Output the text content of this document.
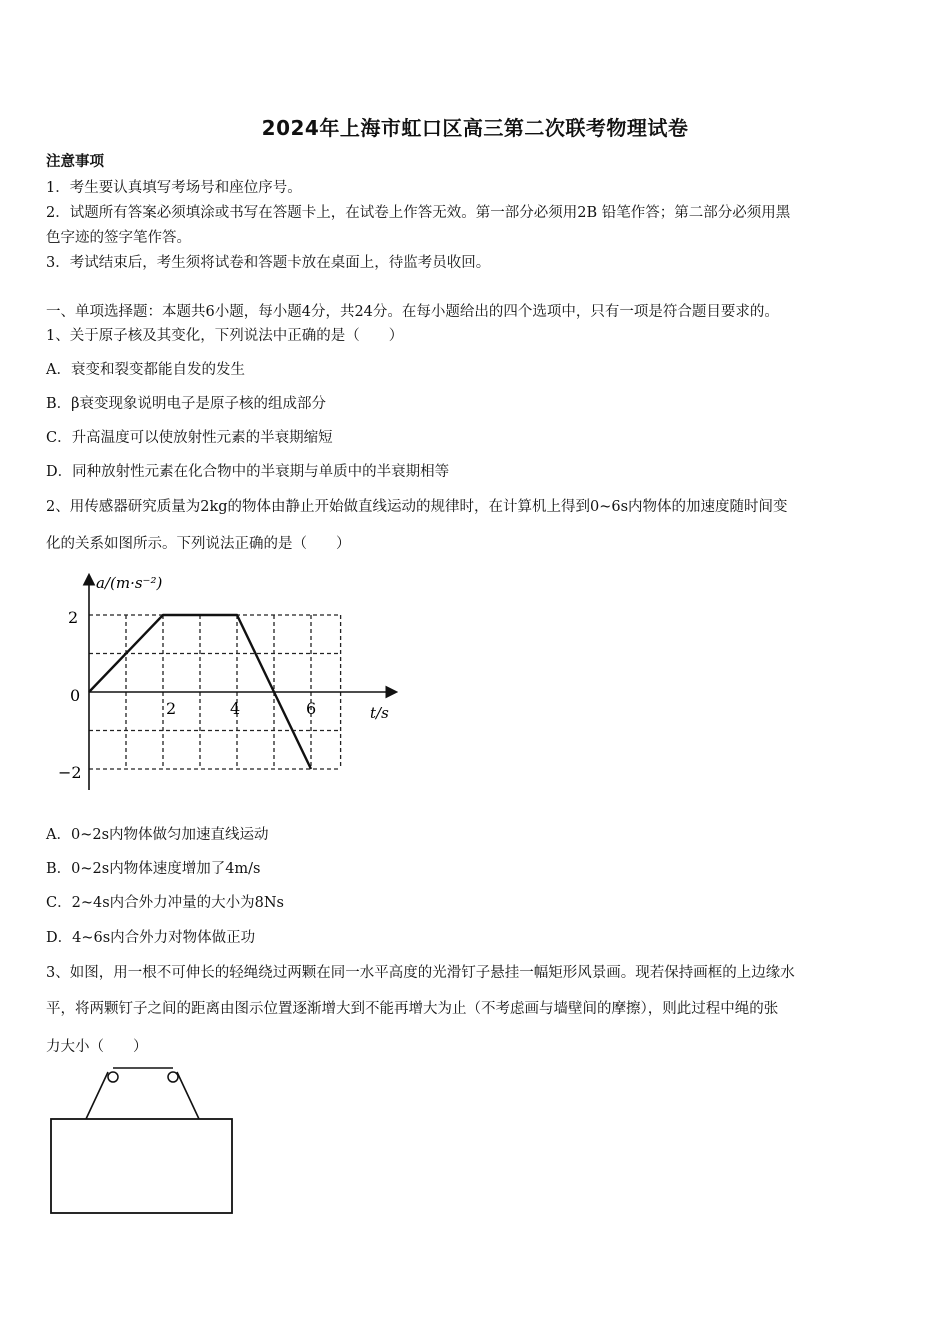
2024年上海市虹口区高三第二次联考物理试卷
注意事项
1．考生要认真填写考场号和座位序号。
2．试题所有答案必须填涂或书写在答题卡上，在试卷上作答无效。第一部分必须用2B 铅笔作答；第二部分必须用黑
色字迹的签字笔作答。
3．考试结束后，考生须将试卷和答题卡放在桌面上，待监考员收回。
一、单项选择题：本题共6小题，每小题4分，共24分。在每小题给出的四个选项中，只有一项是符合题目要求的。
1、关于原子核及其变化，下列说法中正确的是（　　）
A．衰变和裂变都能自发的发生
B．β衰变现象说明电子是原子核的组成部分
C．升高温度可以使放射性元素的半衰期缩短
D．同种放射性元素在化合物中的半衰期与单质中的半衰期相等
2、用传感器研究质量为2kg的物体由静止开始做直线运动的规律时，在计算机上得到0~6s内物体的加速度随时间变
化的关系如图所示。下列说法正确的是（　　）
a/(m·s⁻²)
t/s
2
0
−2
2	4	6
A．0~2s内物体做匀加速直线运动
B．0~2s内物体速度增加了4m/s
C．2~4s内合外力冲量的大小为8Ns
D．4~6s内合外力对物体做正功
3、如图，用一根不可伸长的轻绳绕过两颗在同一水平高度的光滑钉子悬挂一幅矩形风景画。现若保持画框的上边缘水
平，将两颗钉子之间的距离由图示位置逐渐增大到不能再增大为止（不考虑画与墙壁间的摩擦），则此过程中绳的张
力大小（　　）
